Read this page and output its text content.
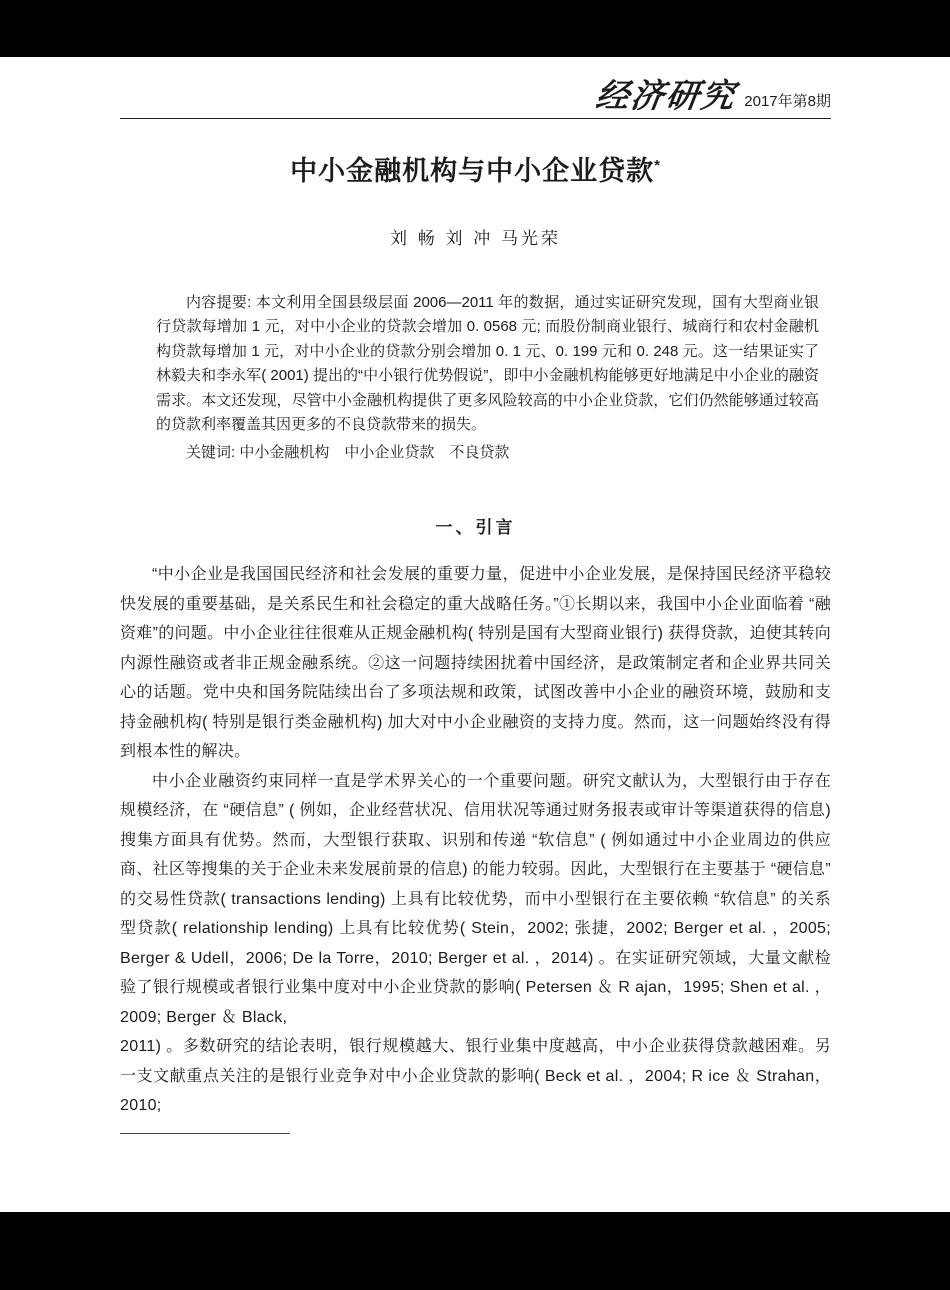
经济研究 2017年第8期
中小金融机构与中小企业贷款*
刘 畅 刘 冲 马光荣

内容提要: 本文利用全国县级层面 2006—2011 年的数据，通过实证研究发现，国有大型商业银行贷款每增加 1 元，对中小企业的贷款会增加 0. 0568 元; 而股份制商业银行、城商行和农村金融机构贷款每增加 1 元，对中小企业的贷款分别会增加 0. 1 元、0. 199 元和 0. 248 元。这一结果证实了林毅夫和李永军( 2001) 提出的“中小银行优势假说”，即中小金融机构能够更好地满足中小企业的融资需求。本文还发现，尽管中小金融机构提供了更多风险较高的中小企业贷款，它们仍然能够通过较高的贷款利率覆盖其因更多的不良贷款带来的损失。

关键词: 中小金融机构　中小企业贷款　不良贷款

一、引言

“中小企业是我国国民经济和社会发展的重要力量，促进中小企业发展，是保持国民经济平稳较快发展的重要基础，是关系民生和社会稳定的重大战略任务。”①长期以来，我国中小企业面临着 “融资难”的问题。中小企业往往很难从正规金融机构( 特别是国有大型商业银行) 获得贷款，迫使其转向内源性融资或者非正规金融系统。②这一问题持续困扰着中国经济，是政策制定者和企业界共同关心的话题。党中央和国务院陆续出台了多项法规和政策，试图改善中小企业的融资环境，鼓励和支持金融机构( 特别是银行类金融机构) 加大对中小企业融资的支持力度。然而，这一问题始终没有得到根本性的解决。

中小企业融资约束同样一直是学术界关心的一个重要问题。研究文献认为，大型银行由于存在规模经济，在 “硬信息” ( 例如，企业经营状况、信用状况等通过财务报表或审计等渠道获得的信息) 搜集方面具有优势。然而，大型银行获取、识别和传递 “软信息” ( 例如通过中小企业周边的供应商、社区等搜集的关于企业未来发展前景的信息) 的能力较弱。因此，大型银行在主要基于 “硬信息” 的交易性贷款( transactions lending) 上具有比较优势，而中小型银行在主要依赖 “软信息” 的关系型贷款( relationship lending) 上具有比较优势( Stein，2002; 张捷，2002; Berger et al. ，2005; Berger & Udell，2006; De la Torre，2010; Berger et al. ，2014) 。在实证研究领域，大量文献检验了银行规模或者银行业集中度对中小企业贷款的影响( Petersen ＆ R ajan，1995; Shen et al. ，2009; Berger ＆ Black,

2011) 。多数研究的结论表明，银行规模越大、银行业集中度越高，中小企业获得贷款越困难。另一支文献重点关注的是银行业竞争对中小企业贷款的影响( Beck et al. ，2004; R ice ＆ Strahan，2010;
